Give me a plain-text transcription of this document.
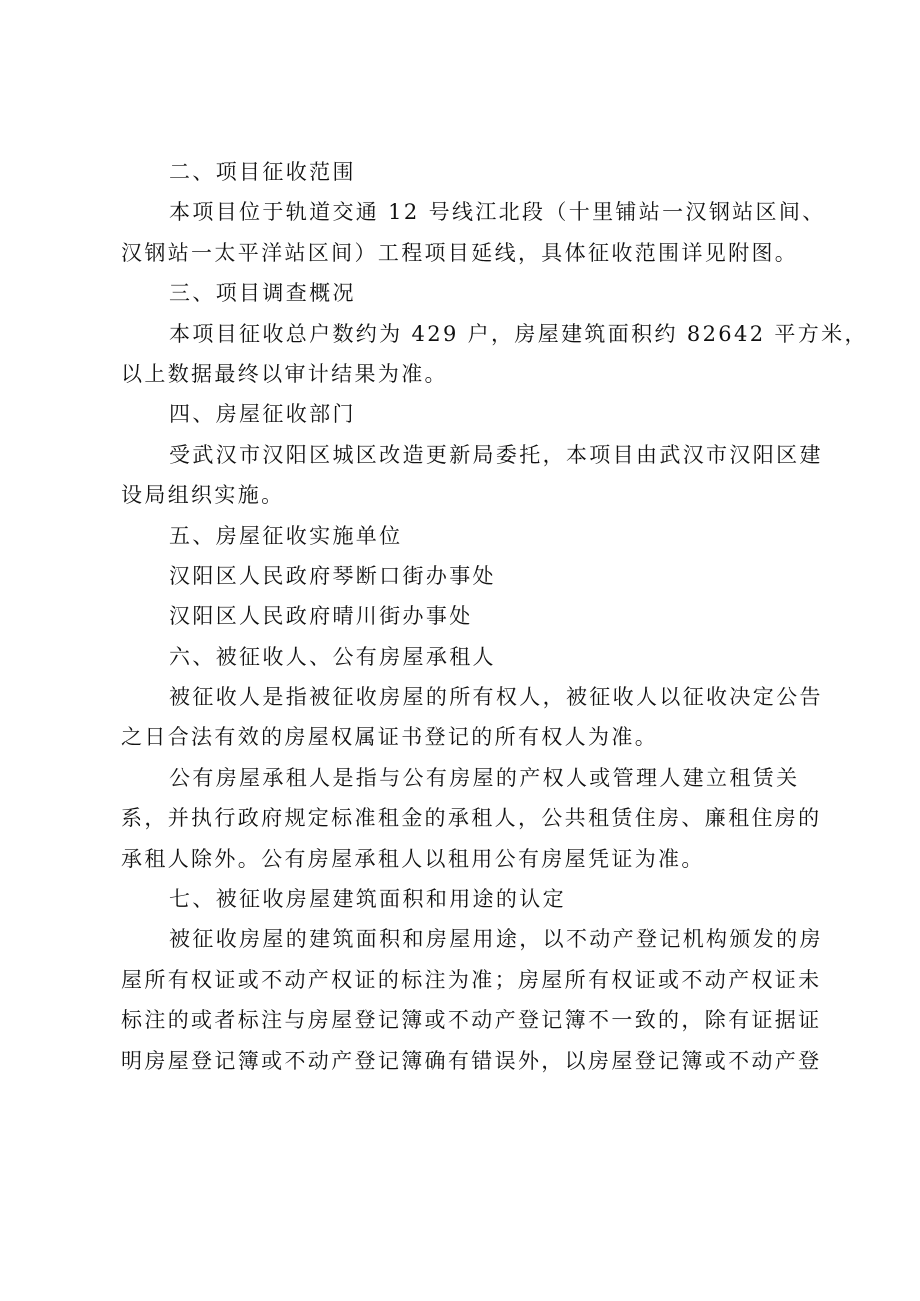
二、项目征收范围
本项目位于轨道交通 12 号线江北段（十里铺站一汉钢站区间、
汉钢站一太平洋站区间）工程项目延线，具体征收范围详见附图。
三、项目调查概况
本项目征收总户数约为 429 户，房屋建筑面积约 82642 平方米，
以上数据最终以审计结果为准。
四、房屋征收部门
受武汉市汉阳区城区改造更新局委托，本项目由武汉市汉阳区建
设局组织实施。
五、房屋征收实施单位
汉阳区人民政府琴断口街办事处
汉阳区人民政府晴川街办事处
六、被征收人、公有房屋承租人
被征收人是指被征收房屋的所有权人，被征收人以征收决定公告
之日合法有效的房屋权属证书登记的所有权人为准。
公有房屋承租人是指与公有房屋的产权人或管理人建立租赁关
系，并执行政府规定标准租金的承租人，公共租赁住房、廉租住房的
承租人除外。公有房屋承租人以租用公有房屋凭证为准。
七、被征收房屋建筑面积和用途的认定
被征收房屋的建筑面积和房屋用途，以不动产登记机构颁发的房
屋所有权证或不动产权证的标注为准；房屋所有权证或不动产权证未
标注的或者标注与房屋登记簿或不动产登记簿不一致的，除有证据证
明房屋登记簿或不动产登记簿确有错误外，以房屋登记簿或不动产登
